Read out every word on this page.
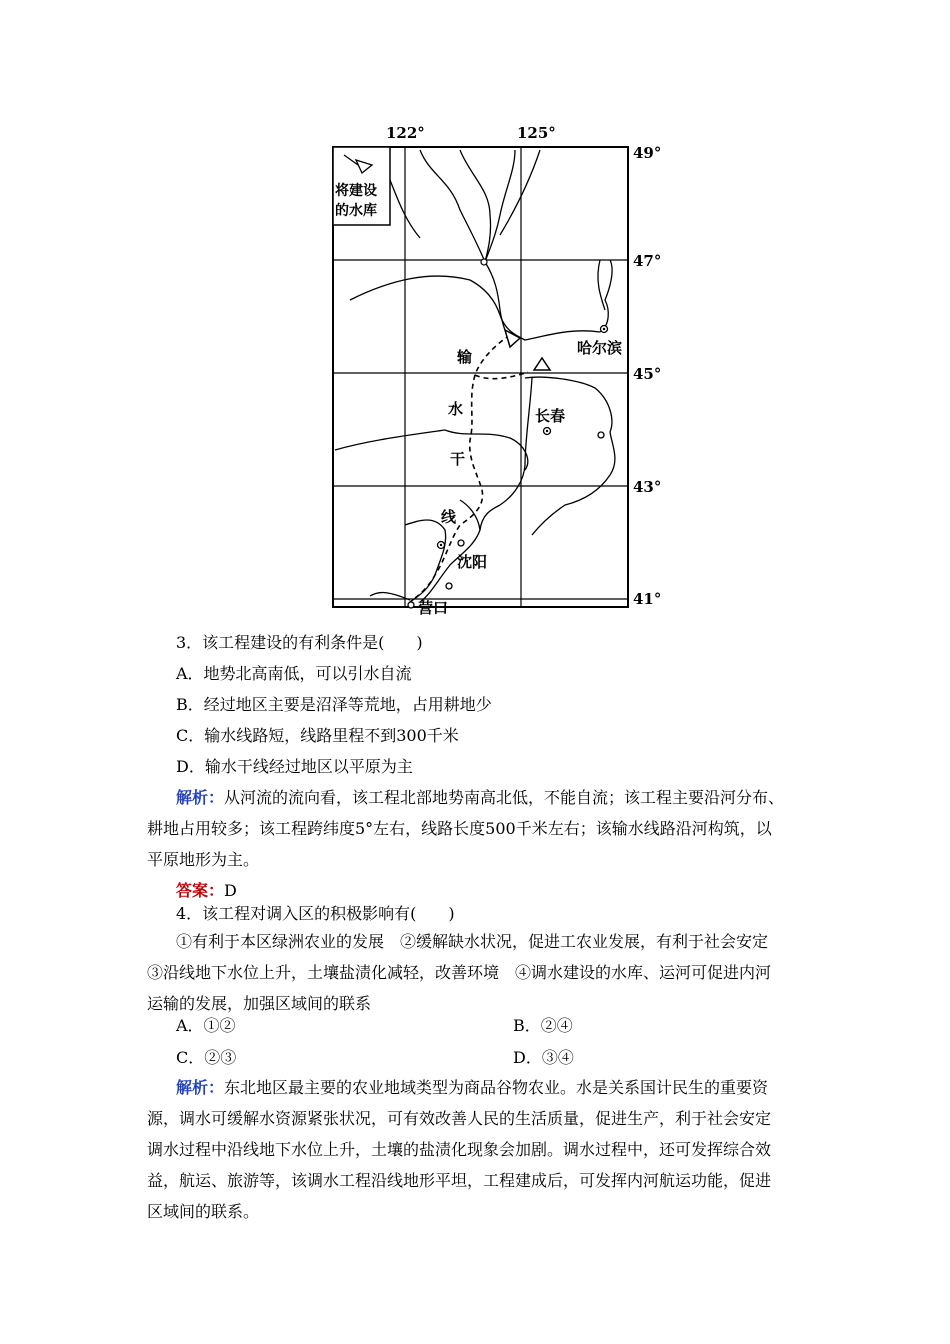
122°	125°
49°
47°
45°
43°
41°
将建设
的水库
输
水
干
线
哈尔滨
长春
沈阳
营口
3．该工程建设的有利条件是(　　)
A．地势北高南低，可以引水自流
B．经过地区主要是沼泽等荒地，占用耕地少
C．输水线路短，线路里程不到300千米
D．输水干线经过地区以平原为主
解析：从河流的流向看，该工程北部地势南高北低，不能自流；该工程主要沿河分布、
耕地占用较多；该工程跨纬度5°左右，线路长度500千米左右；该输水线路沿河构筑，以
平原地形为主。
答案：D
4．该工程对调入区的积极影响有(　　)
①有利于本区绿洲农业的发展　②缓解缺水状况，促进工农业发展，有利于社会安定
③沿线地下水位上升，土壤盐渍化减轻，改善环境　④调水建设的水库、运河可促进内河
运输的发展，加强区域间的联系
A．①②	B．②④
C．②③	D．③④
解析：东北地区最主要的农业地域类型为商品谷物农业。水是关系国计民生的重要资
源，调水可缓解水资源紧张状况，可有效改善人民的生活质量，促进生产，利于社会安定
调水过程中沿线地下水位上升，土壤的盐渍化现象会加剧。调水过程中，还可发挥综合效
益，航运、旅游等，该调水工程沿线地形平坦，工程建成后，可发挥内河航运功能，促进
区域间的联系。
